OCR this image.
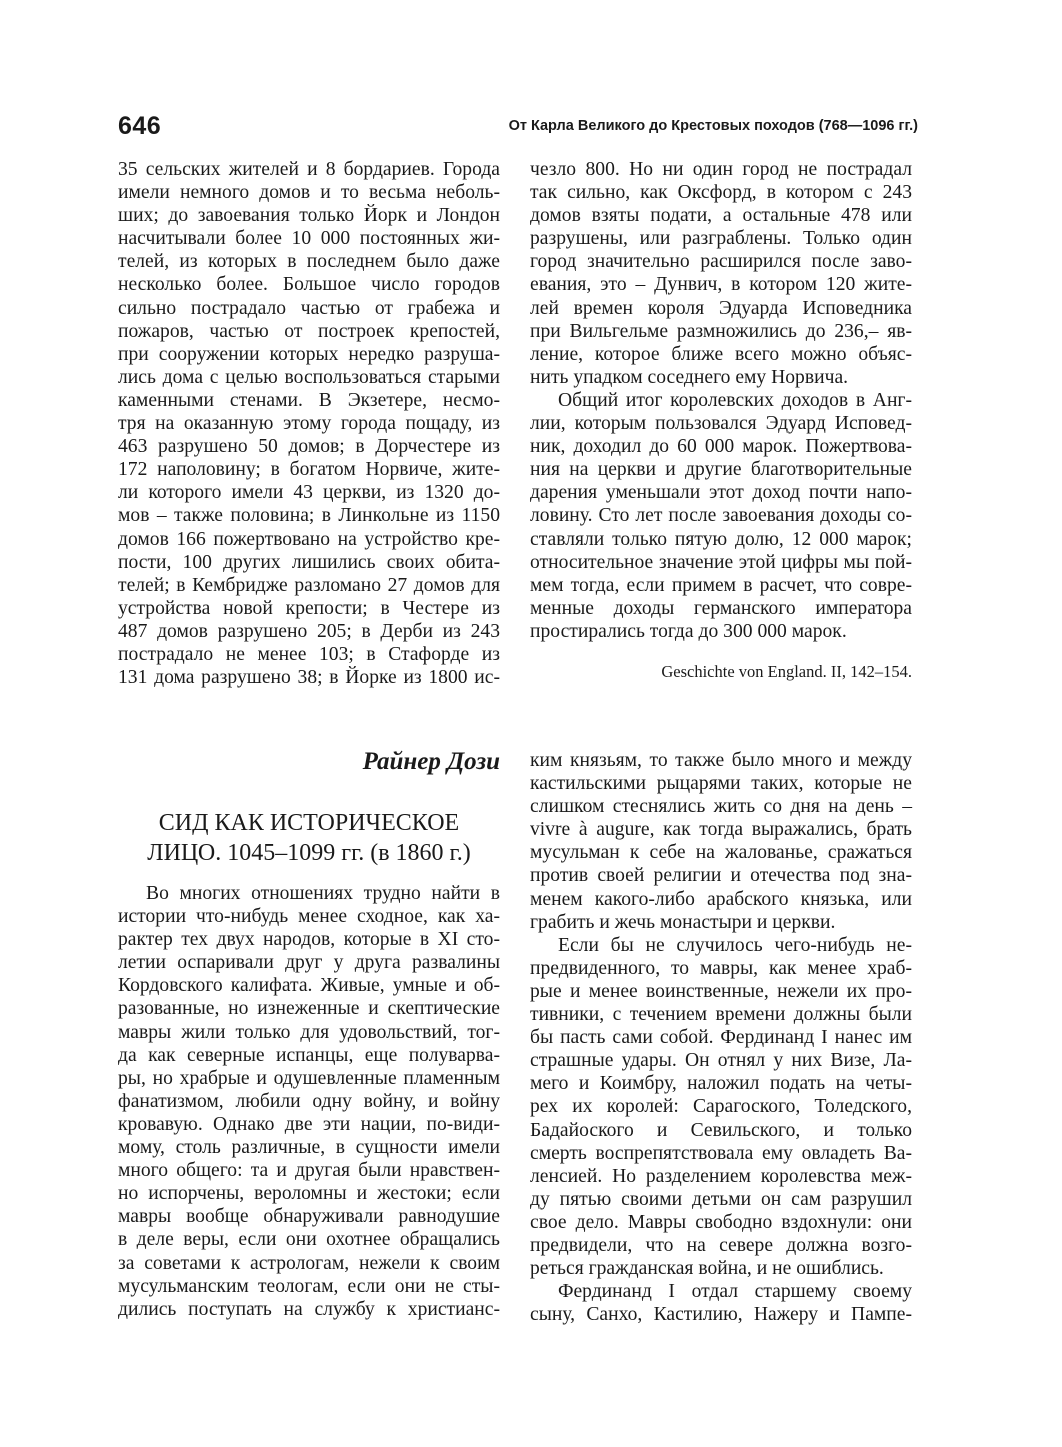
646	От Карла Великого до Крестовых походов (768—1096 гг.)
35 сельских жителей и 8 бордариев. Города
имели немного домов и то весьма неболь-
ших; до завоевания только Йорк и Лондон
насчитывали более 10 000 постоянных жи-
телей, из которых в последнем было даже
несколько более. Большое число городов
сильно пострадало частью от грабежа и
пожаров, частью от построек крепостей,
при сооружении которых нередко разруша-
лись дома с целью воспользоваться старыми
каменными стенами. В Экзетере, несмо-
тря на оказанную этому города пощаду, из
463 разрушено 50 домов; в Дорчестере из
172 наполовину; в богатом Норвиче, жите-
ли которого имели 43 церкви, из 1320 до-
мов – также половина; в Линкольне из 1150
домов 166 пожертвовано на устройство кре-
пости, 100 других лишились своих обита-
телей; в Кембридже разломано 27 домов для
устройства новой крепости; в Честере из
487 домов разрушено 205; в Дерби из 243
пострадало не менее 103; в Стафорде из
131 дома разрушено 38; в Йорке из 1800 ис-
чезло 800. Но ни один город не пострадал
так сильно, как Оксфорд, в котором с 243
домов взяты подати, а остальные 478 или
разрушены, или разграблены. Только один
город значительно расширился после заво-
евания, это – Дунвич, в котором 120 жите-
лей времен короля Эдуарда Исповедника
при Вильгельме размножились до 236,– яв-
ление, которое ближе всего можно объяс-
нить упадком соседнего ему Норвича.
Общий итог королевских доходов в Анг-
лии, которым пользовался Эдуард Исповед-
ник, доходил до 60 000 марок. Пожертвова-
ния на церкви и другие благотворительные
дарения уменьшали этот доход почти напо-
ловину. Сто лет после завоевания доходы со-
ставляли только пятую долю, 12 000 марок;
относительное значение этой цифры мы пой-
мем тогда, если примем в расчет, что совре-
менные доходы германского императора
простирались тогда до 300 000 марок.
Geschichte von England. II, 142–154.
Райнер Дози
СИД КАК ИСТОРИЧЕСКОЕ
ЛИЦО. 1045–1099 гг. (в 1860 г.)
Во многих отношениях трудно найти в
истории что-нибудь менее сходное, как ха-
рактер тех двух народов, которые в XI сто-
летии оспаривали друг у друга развалины
Кордовского калифата. Живые, умные и об-
разованные, но изнеженные и скептические
мавры жили только для удовольствий, тог-
да как северные испанцы, еще полуварва-
ры, но храбрые и одушевленные пламенным
фанатизмом, любили одну войну, и войну
кровавую. Однако две эти нации, по-види-
мому, столь различные, в сущности имели
много общего: та и другая были нравствен-
но испорчены, вероломны и жестоки; если
мавры вообще обнаруживали равнодушие
в деле веры, если они охотнее обращались
за советами к астрологам, нежели к своим
мусульманским теологам, если они не сты-
дились поступать на службу к христианс-
ким князьям, то также было много и между
кастильскими рыцарями таких, которые не
слишком стеснялись жить со дня на день –
vivre à augure, как тогда выражались, брать
мусульман к себе на жалованье, сражаться
против своей религии и отечества под зна-
менем какого-либо арабского князька, или
грабить и жечь монастыри и церкви.
Если бы не случилось чего-нибудь не-
предвиденного, то мавры, как менее храб-
рые и менее воинственные, нежели их про-
тивники, с течением времени должны были
бы пасть сами собой. Фердинанд I нанес им
страшные удары. Он отнял у них Визе, Ла-
мего и Коимбру, наложил подать на четы-
рех их королей: Сарагоского, Толедского,
Бадайоского и Севильского, и только
смерть воспрепятствовала ему овладеть Ва-
ленсией. Но разделением королевства меж-
ду пятью своими детьми он сам разрушил
свое дело. Мавры свободно вздохнули: они
предвидели, что на севере должна возго-
реться гражданская война, и не ошиблись.
Фердинанд I отдал старшему своему
сыну, Санхо, Кастилию, Нажеру и Пампе-
